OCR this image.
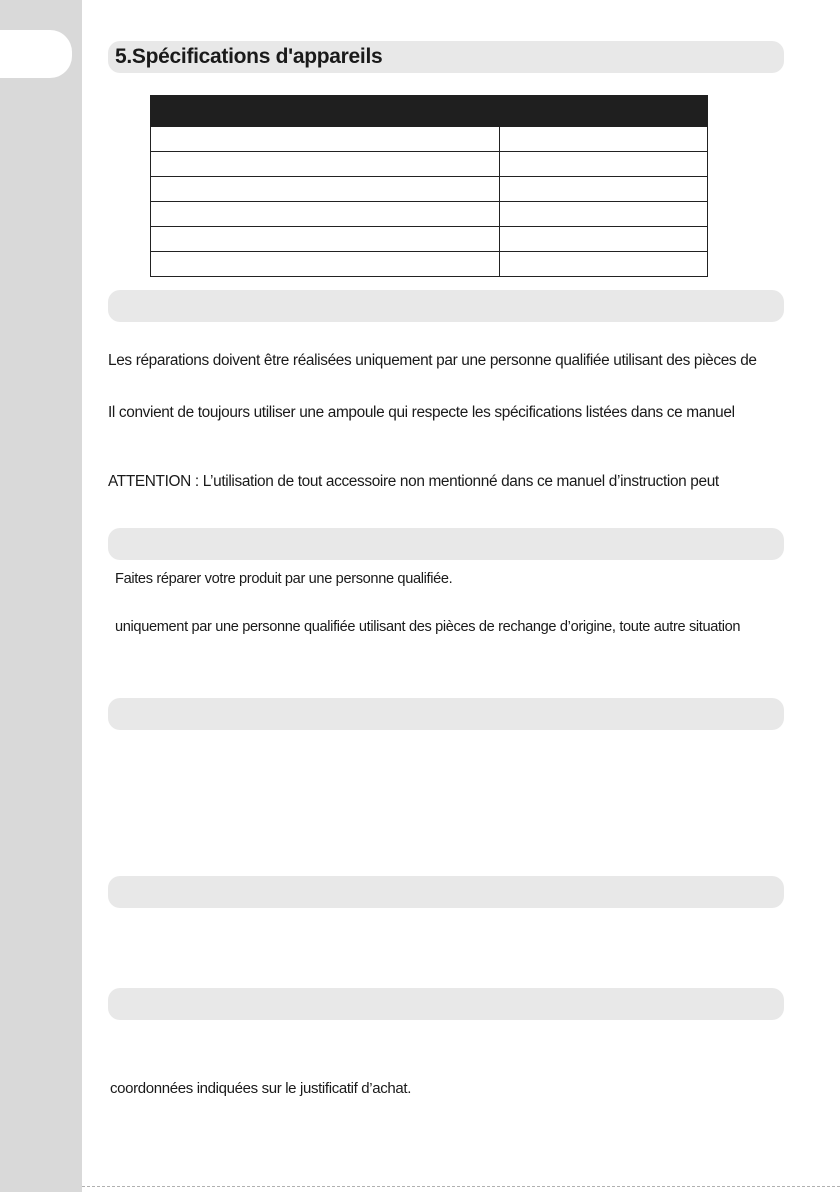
5.Spécifications d'appareils

Les réparations doivent être réalisées uniquement par une personne qualifiée utilisant des pièces de

Il convient de toujours utiliser une ampoule qui respecte les spécifications listées dans ce manuel

ATTENTION : L’utilisation de tout accessoire non mentionné dans ce manuel d’instruction peut

Faites réparer votre produit par une personne qualifiée.

uniquement par une personne qualifiée utilisant des pièces de rechange d’origine, toute autre situation

coordonnées indiquées sur le justificatif d’achat.
